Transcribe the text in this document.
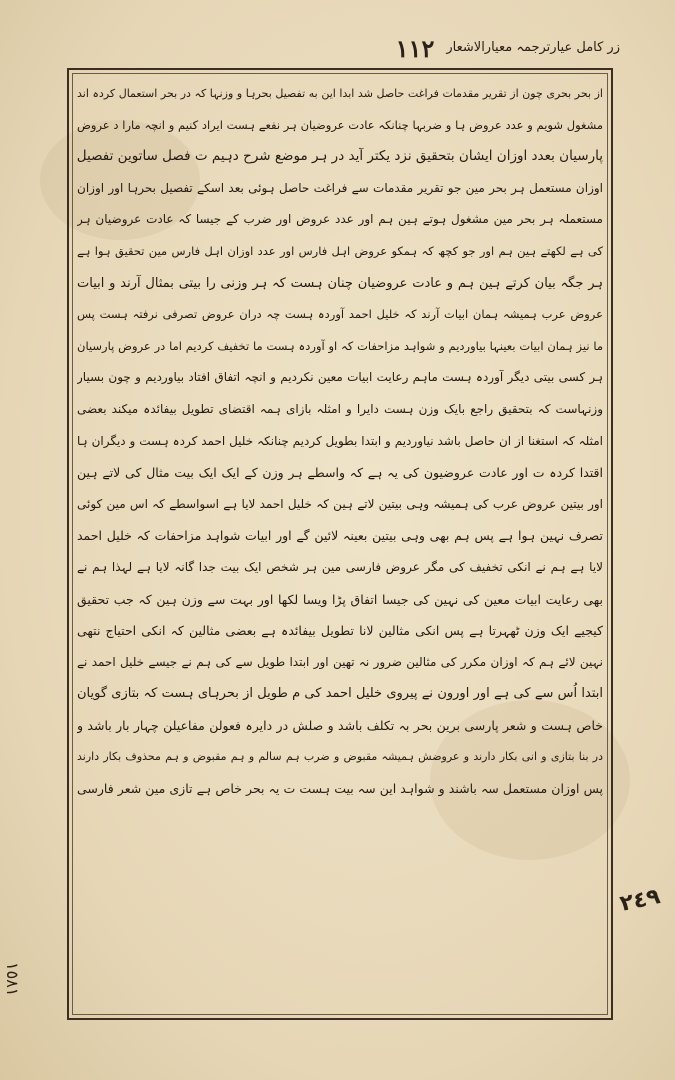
١١٢ زر کامل عیارترجمہ معیارالاشعار
از بحر بحری چون از تقریر مقدمات فراغت حاصل شد ابدا این به تفصیل بحرہا و وزنہا کہ در بحر استعمال کردہ اند
مشغول شویم و عدد عروض ہا و ضربہا چنانکہ عادت عروضیان ہر نفعے ہست ایراد کنیم و انچہ مارا د عروض
پارسیان بعدد اوزان ایشان بتحقیق نزد یکتر آید در ہر موضع شرح دہیم ت فصل ساتوین تفصیل
اوزان مستعمل ہر بحر مین جو تقریر مقدمات سے فراغت حاصل ہوئی بعد اسکے تفصیل بحرہا اور اوزان
مستعملہ ہر بحر مین مشغول ہوتے ہین ہم اور عدد عروض اور ضرب کے جیسا کہ عادت عروضیان ہر
کی ہے لکھتے ہین ہم اور جو کچھ کہ ہمکو عروض اہل فارس اور عدد اوزان اہل فارس مین تحقیق ہوا ہے
ہر جگہ بیان کرتے ہین ہم و عادت عروضیان چنان ہست کہ ہر وزنی را بیتی بمثال آرند و ابیات
عروض عرب ہمیشہ ہمان ابیات آرند کہ خلیل احمد آوردہ ہست چہ دران عروض تصرفی نرفتہ ہست پس
ما نیز ہمان ابیات بعینہا بیاوردیم و شواہد مزاحفات کہ او آوردہ ہست ما تخفیف کردیم اما در عروض پارسیان
ہر کسی بیتی دیگر آوردہ ہست ماہم رعایت ابیات معین نکردیم و انچہ اتفاق افتاد بیاوردیم و چون بسیار
وزنہاست کہ بتحقیق راجع بایک وزن ہست دایرا و امثلہ بازای ہمہ اقتضای تطویل بیفائدہ میکند بعضی
امثلہ کہ استغنا از ان حاصل باشد نیاوردیم و ابتدا بطویل کردیم چنانکہ خلیل احمد کردہ ہست و دیگران ہا
اقتدا کردہ ت اور عادت عروضیون کی یہ ہے کہ واسطے ہر وزن کے ایک ایک بیت مثال کی لاتے ہین
اور بیتین عروض عرب کی ہمیشہ وہی بیتین لاتے ہین کہ خلیل احمد لایا ہے اسواسطے کہ اس مین کوئی
تصرف نہین ہوا ہے پس ہم بھی وہی بیتین بعینہ لائین گے اور ابیات شواہد مزاحفات کہ خلیل احمد
لایا ہے ہم نے انکی تخفیف کی مگر عروض فارسی مین ہر شخص ایک بیت جدا گانہ لایا ہے لہذا ہم نے
بھی رعایت ابیات معین کی نہین کی جیسا اتفاق پڑا ویسا لکھا اور بہت سے وزن ہین کہ جب تحقیق
کیجیے ایک وزن ٹھہرتا ہے پس انکی مثالین لانا تطویل بیفائدہ ہے بعضی مثالین کہ انکی احتیاج نتھی
نہین لائے ہم کہ اوزان مکرر کی مثالین ضرور نہ تھین اور ابتدا طویل سے کی ہم نے جیسے خلیل احمد نے
ابتدا اُس سے کی ہے اور اورون نے پیروی خلیل احمد کی م طویل از بحرہای ہست کہ بتازی گویان
خاص ہست و شعر پارسی برین بحر بہ تکلف باشد و صلش در دایرہ فعولن مفاعیلن چہار بار باشد و
در بنا بتازی و انی بکار دارند و عروضش ہمیشہ مقبوض و ضرب ہم سالم و ہم مقبوض و ہم محذوف بکار دارند
پس اوزان مستعمل سہ باشند و شواہد این سہ بیت ہست ت یہ بحر خاص ہے تازی مین شعر فارسی
٢٤٩
١٥٨١
